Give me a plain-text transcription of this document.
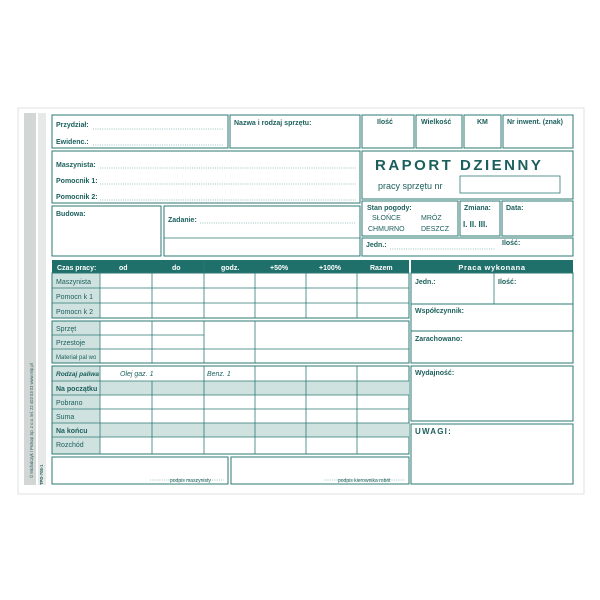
© Michalczyk i Prokop Sp. z o.o. tel. 22 403 03 03 www.mip.pl TPD-708-1
Przydział:
Ewidenc.:
Nazwa i rodzaj sprzętu:	Ilość	Wielkość	KM	Nr inwent. (znak)
Maszynista:
Pomocnik 1:
Pomocnik 2:
RAPORT DZIENNY
pracy sprzętu nr
Budowa:
Zadanie:
Stan pogody:
SŁOŃCE	MRÓZ
CHMURNO DESZCZ
Zmiana:
I. II. III.
Data:
Jedn.:	Ilość:
Czas pracy:	od	do	godz.	+50%	+100%	Razem
Maszynista
Pomocn k 1
Pomocn k 2
Sprzęt
Przestoje
Materiał pal wo
Rodzaj paliwa	Olej gaz. 1	Benz. 1
Na początku
Pobrano
Suma
Na końcu
Rozchód
Praca wykonana
Jedn.:	Ilość:
Współczynnik:
Zarachowano:
Wydajność:
UWAGI:
podpis maszynisty	podpis kierownika robót
